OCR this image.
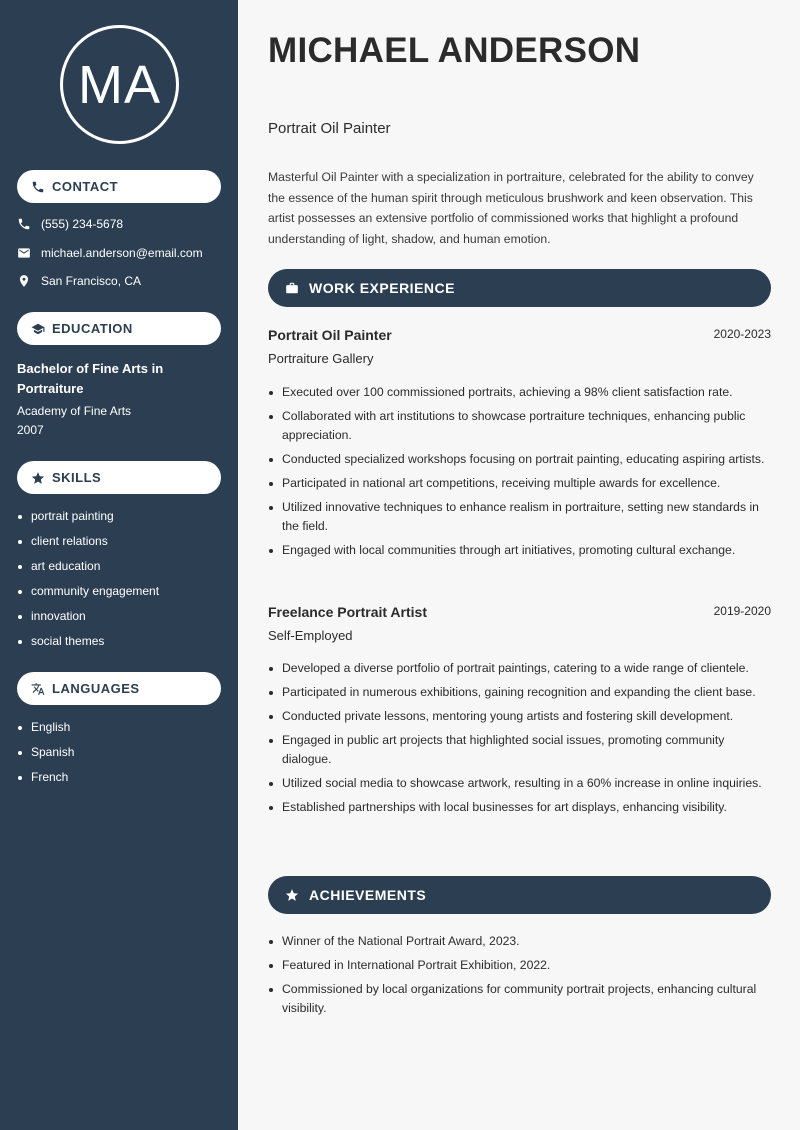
MA
CONTACT
(555) 234-5678
michael.anderson@email.com
San Francisco, CA
EDUCATION
Bachelor of Fine Arts in Portraiture
Academy of Fine Arts
2007
SKILLS
portrait painting
client relations
art education
community engagement
innovation
social themes
LANGUAGES
English
Spanish
French
MICHAEL ANDERSON
Portrait Oil Painter

Masterful Oil Painter with a specialization in portraiture, celebrated for the ability to convey the essence of the human spirit through meticulous brushwork and keen observation. This artist possesses an extensive portfolio of commissioned works that highlight a profound understanding of light, shadow, and human emotion.

WORK EXPERIENCE
Portrait Oil Painter	2020-2023
Portraiture Gallery
Executed over 100 commissioned portraits, achieving a 98% client satisfaction rate.
Collaborated with art institutions to showcase portraiture techniques, enhancing public appreciation.
Conducted specialized workshops focusing on portrait painting, educating aspiring artists.
Participated in national art competitions, receiving multiple awards for excellence.
Utilized innovative techniques to enhance realism in portraiture, setting new standards in the field.
Engaged with local communities through art initiatives, promoting cultural exchange.
Freelance Portrait Artist	2019-2020
Self-Employed
Developed a diverse portfolio of portrait paintings, catering to a wide range of clientele.
Participated in numerous exhibitions, gaining recognition and expanding the client base.
Conducted private lessons, mentoring young artists and fostering skill development.
Engaged in public art projects that highlighted social issues, promoting community dialogue.
Utilized social media to showcase artwork, resulting in a 60% increase in online inquiries.
Established partnerships with local businesses for art displays, enhancing visibility.
ACHIEVEMENTS
Winner of the National Portrait Award, 2023.
Featured in International Portrait Exhibition, 2022.
Commissioned by local organizations for community portrait projects, enhancing cultural visibility.
